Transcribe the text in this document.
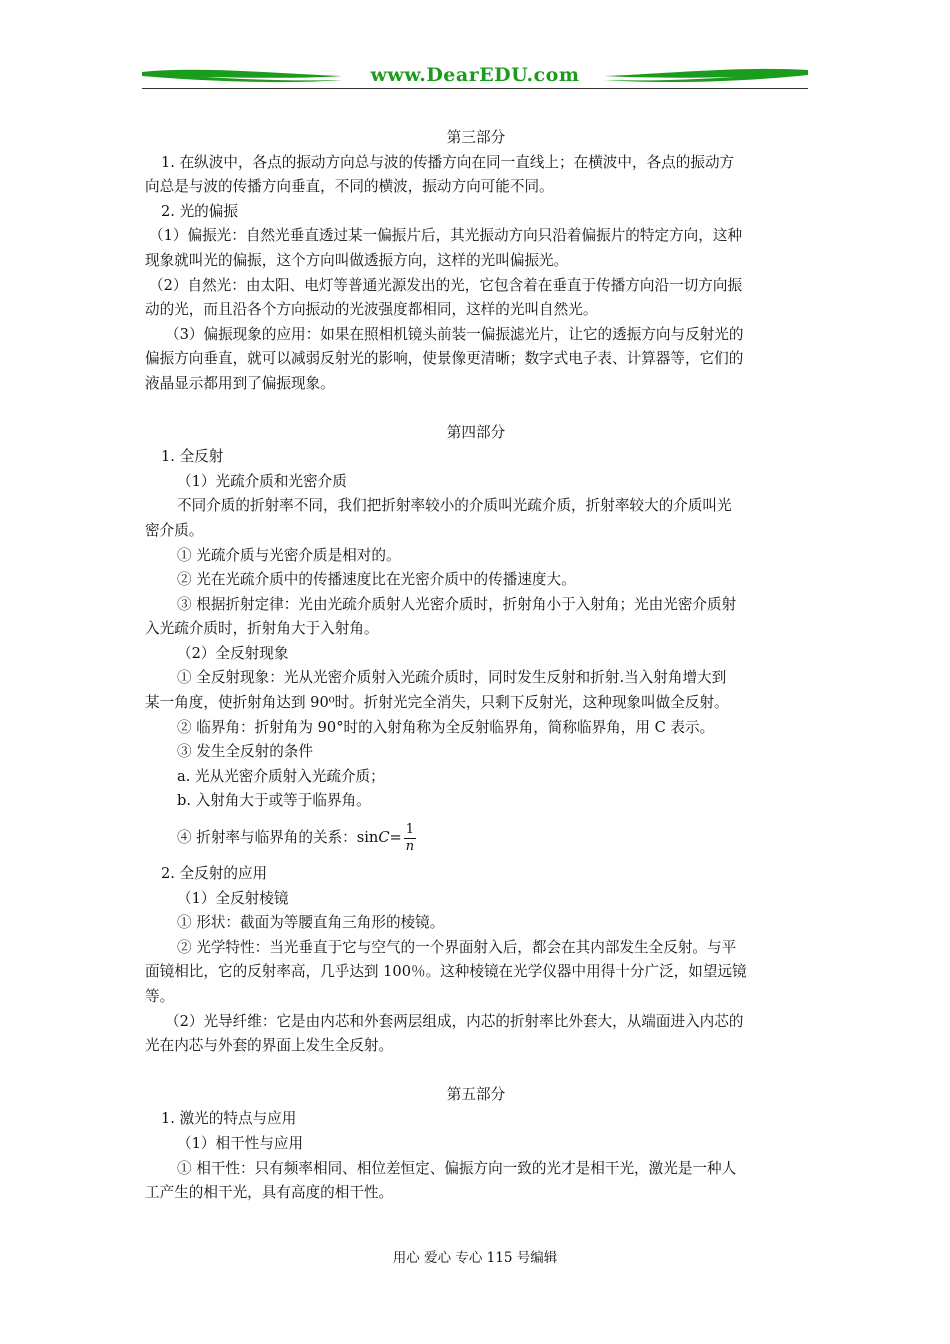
www.DearEDU.com

第三部分

1. 在纵波中，各点的振动方向总与波的传播方向在同一直线上；在横波中，各点的振动方

向总是与波的传播方向垂直，不同的横波，振动方向可能不同。

2. 光的偏振

（1）偏振光：自然光垂直透过某一偏振片后，其光振动方向只沿着偏振片的特定方向，这种

现象就叫光的偏振，这个方向叫做透振方向，这样的光叫偏振光。

（2）自然光：由太阳、电灯等普通光源发出的光，它包含着在垂直于传播方向沿一切方向振

动的光，而且沿各个方向振动的光波强度都相同，这样的光叫自然光。

（3）偏振现象的应用：如果在照相机镜头前装一偏振滤光片，让它的透振方向与反射光的

偏振方向垂直，就可以减弱反射光的影响，使景像更清晰；数字式电子表、计算器等，它们的

液晶显示都用到了偏振现象。

第四部分

1. 全反射

（1）光疏介质和光密介质

不同介质的折射率不同，我们把折射率较小的介质叫光疏介质，折射率较大的介质叫光

密介质。

① 光疏介质与光密介质是相对的。

② 光在光疏介质中的传播速度比在光密介质中的传播速度大。

③ 根据折射定律：光由光疏介质射人光密介质时，折射角小于入射角；光由光密介质射

入光疏介质时，折射角大于入射角。

（2）全反射现象

① 全反射现象：光从光密介质射入光疏介质时，同时发生反射和折射.当入射角增大到

某一角度，使折射角达到 90⁰时。折射光完全消失，只剩下反射光，这种现象叫做全反射。

② 临界角：折射角为 90°时的入射角称为全反射临界角，简称临界角，用 C 表示。

③ 发生全反射的条件

a. 光从光密介质射入光疏介质；

b. 入射角大于或等于临界角。

④ 折射率与临界角的关系：$\sin C = \frac{1}{n}$

2. 全反射的应用

（1）全反射棱镜

① 形状：截面为等腰直角三角形的棱镜。

② 光学特性：当光垂直于它与空气的一个界面射入后，都会在其内部发生全反射。与平

面镜相比，它的反射率高，几乎达到 100％。这种棱镜在光学仪器中用得十分广泛，如望远镜

等。

（2）光导纤维：它是由内芯和外套两层组成，内芯的折射率比外套大，从端面进入内芯的

光在内芯与外套的界面上发生全反射。

第五部分

1. 激光的特点与应用

（1）相干性与应用

① 相干性：只有频率相同、相位差恒定、偏振方向一致的光才是相干光，激光是一种人

工产生的相干光，具有高度的相干性。

用心 爱心 专心 115 号编辑
